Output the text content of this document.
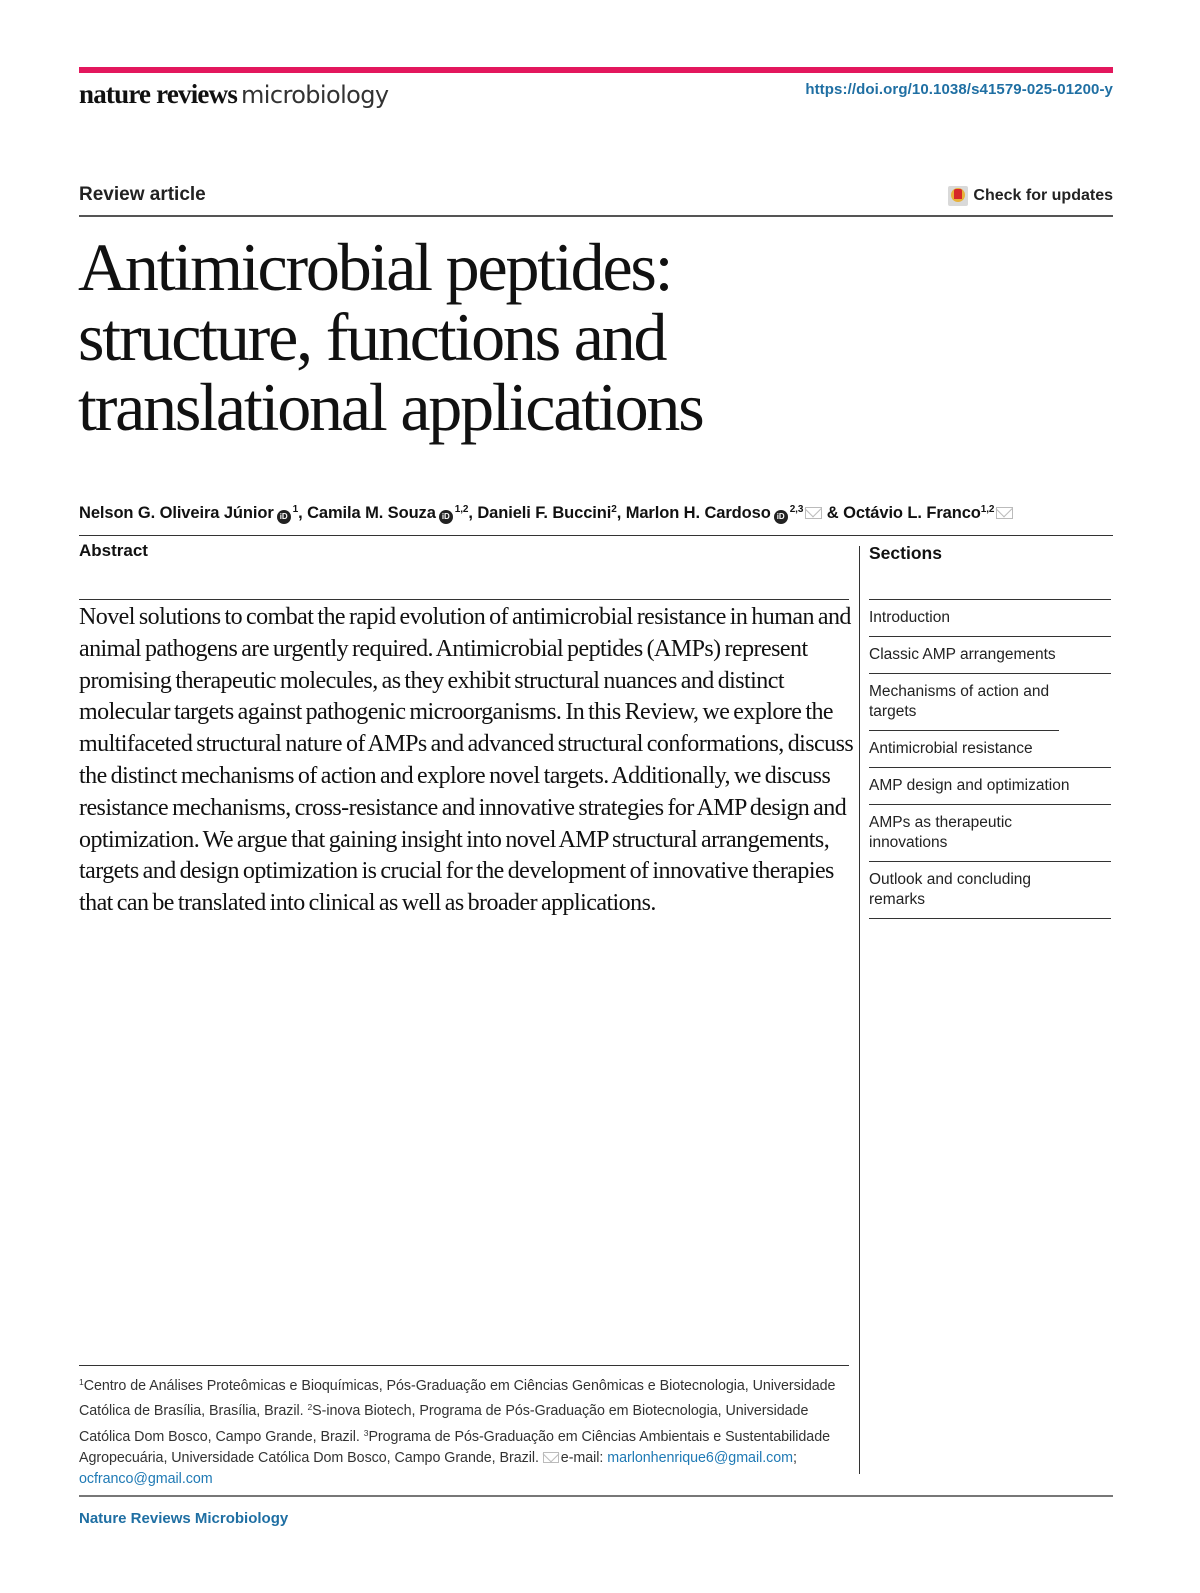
nature reviews microbiology	https://doi.org/10.1038/s41579-025-01200-y
Review article	Check for updates
Antimicrobial peptides:
structure, functions and
translational applications
Nelson G. Oliveira Júnior $iD^1$, Camila M. Souza iD$^{1,2}$, Danieli F. Buccini$^2$, Marlon H. Cardoso iD$^{2,3}$ & Octávio L. Franco$^{1,2}$
Abstract

Novel solutions to combat the rapid evolution of antimicrobial resistance in human and animal pathogens are urgently required. Antimicrobial peptides (AMPs) represent promising therapeutic molecules, as they exhibit structural nuances and distinct molecular targets against pathogenic microorganisms. In this Review, we explore the multifaceted structural nature of AMPs and advanced structural conformations, discuss the distinct mechanisms of action and explore novel targets. Additionally, we discuss resistance mechanisms, cross-resistance and innovative strategies for AMP design and optimization. We argue that gaining insight into novel AMP structural arrangements, targets and design optimization is crucial for the development of innovative therapies that can be translated into clinical as well as broader applications.

Sections
Introduction
Classic AMP arrangements
Mechanisms of action and targets
Antimicrobial resistance
AMP design and optimization
AMPs as therapeutic innovations
Outlook and concluding remarks
$^1$Centro de Análises Proteômicas e Bioquímicas, Pós-Graduação em Ciências Genômicas e Biotecnologia, Universidade Católica de Brasília, Brasília, Brazil. $^2$S-inova Biotech, Programa de Pós-Graduação em Biotecnologia, Universidade Católica Dom Bosco, Campo Grande, Brazil. $^3$Programa de Pós-Graduação em Ciências Ambientais e Sustentabilidade Agropecuária, Universidade Católica Dom Bosco, Campo Grande, Brazil. e-mail: marlonhenrique6@gmail.com; ocfranco@gmail.com
Nature Reviews Microbiology
